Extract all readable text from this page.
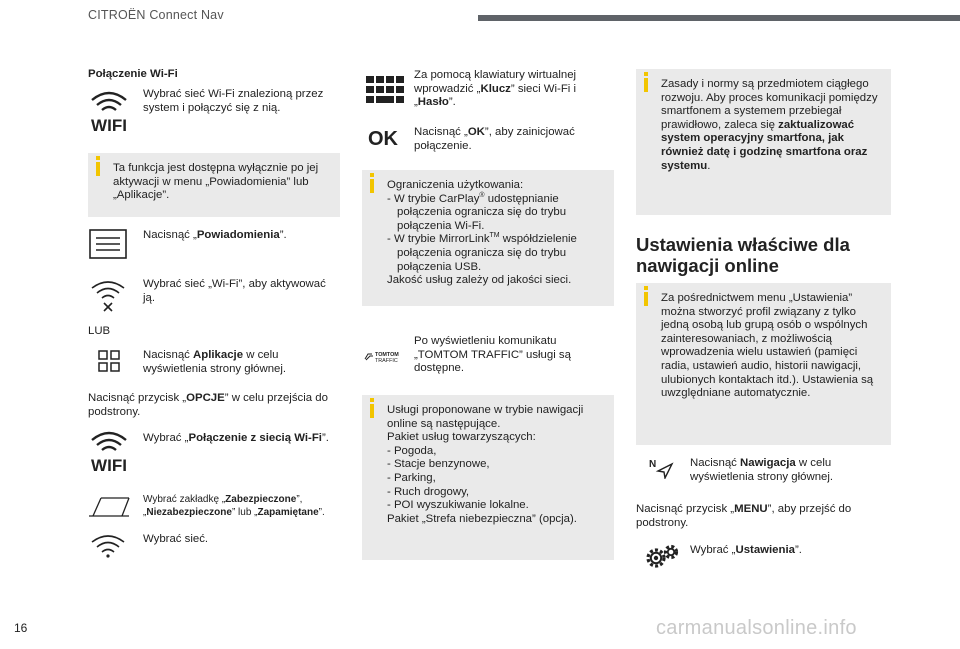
CITROËN Connect Nav
Połączenie Wi-Fi
WIFI
Wybrać sieć Wi-Fi znalezioną przez system i połączyć się z nią.
Ta funkcja jest dostępna wyłącznie po jej aktywacji w menu „Powiadomienia” lub „Aplikacje”.
Nacisnąć „Powiadomienia”.
Wybrać sieć „Wi-Fi”, aby aktywować ją.
LUB
Nacisnąć Aplikacje w celu wyświetlenia strony głównej.
Nacisnąć przycisk „OPCJE” w celu przejścia do podstrony.
WIFI
Wybrać „Połączenie z siecią Wi-Fi”.
Wybrać zakładkę „Zabezpieczone”, „Niezabezpieczone” lub „Zapamiętane”.
Wybrać sieć.
Za pomocą klawiatury wirtualnej wprowadzić „Klucz” sieci Wi-Fi i „Hasło”.
OK Nacisnąć „OK”, aby zainicjować połączenie.
Ograniczenia użytkowania:
- W trybie CarPlay® udostępnianie połączenia ogranicza się do trybu połączenia Wi-Fi.
- W trybie MirrorLink™ współdzielenie połączenia ogranicza się do trybu połączenia USB.
Jakość usług zależy od jakości sieci.
TOMTOM
TRAFFIC
Po wyświetleniu komunikatu „TOMTOM TRAFFIC” usługi są dostępne.
Usługi proponowane w trybie nawigacji online są następujące.
Pakiet usług towarzyszących:
- Pogoda,
- Stacje benzynowe,
- Parking,
- Ruch drogowy,
- POI wyszukiwanie lokalne.
Pakiet „Strefa niebezpieczna” (opcja).
Zasady i normy są przedmiotem ciągłego rozwoju. Aby proces komunikacji pomiędzy smartfonem a systemem przebiegał prawidłowo, zaleca się zaktualizować system operacyjny smartfona, jak również datę i godzinę smartfona oraz systemu.
Ustawienia właściwe dla nawigacji online
Za pośrednictwem menu „Ustawienia” można stworzyć profil związany z tylko jedną osobą lub grupą osób o wspólnych zainteresowaniach, z możliwością wprowadzenia wielu ustawień (pamięci radia, ustawień audio, historii nawigacji, ulubionych kontaktach itd.). Ustawienia są uwzględniane automatycznie.
N	Nacisnąć Nawigacja w celu wyświetlenia strony głównej.
Nacisnąć przycisk „MENU”, aby przejść do podstrony.
Wybrać „Ustawienia”.
16	carmanualsonline.info
